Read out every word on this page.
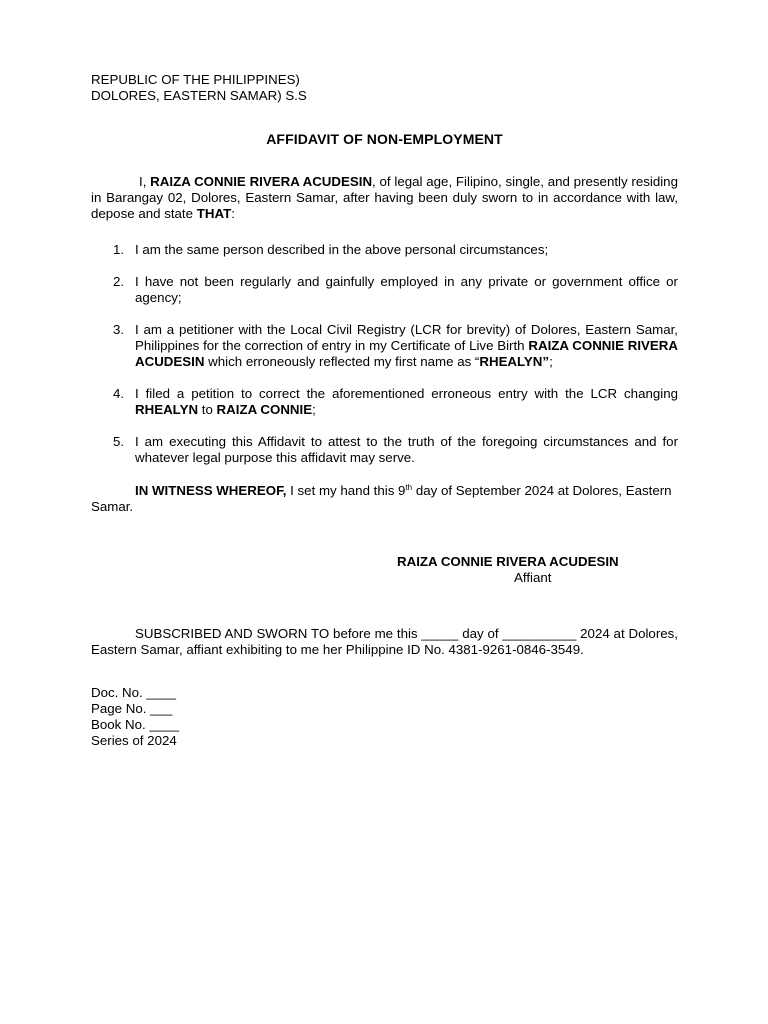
REPUBLIC OF THE PHILIPPINES)
DOLORES, EASTERN SAMAR) S.S
AFFIDAVIT OF NON-EMPLOYMENT

I, RAIZA CONNIE RIVERA ACUDESIN, of legal age, Filipino, single, and presently residing in Barangay 02, Dolores, Eastern Samar, after having been duly sworn to in accordance with law, depose and state THAT:

1. I am the same person described in the above personal circumstances;
2. I have not been regularly and gainfully employed in any private or government office or agency;
3. I am a petitioner with the Local Civil Registry (LCR for brevity) of Dolores, Eastern Samar, Philippines for the correction of entry in my Certificate of Live Birth RAIZA CONNIE RIVERA ACUDESIN which erroneously reflected my first name as “RHEALYN”;
4. I filed a petition to correct the aforementioned erroneous entry with the LCR changing RHEALYN to RAIZA CONNIE;
5. I am executing this Affidavit to attest to the truth of the foregoing circumstances and for whatever legal purpose this affidavit may serve.

IN WITNESS WHEREOF, I set my hand this 9th day of September 2024 at Dolores, Eastern Samar.

RAIZA CONNIE RIVERA ACUDESIN
Affiant

SUBSCRIBED AND SWORN TO before me this _____ day of __________ 2024 at Dolores, Eastern Samar, affiant exhibiting to me her Philippine ID No. 4381-9261-0846-3549.

Doc. No. ____
Page No. ___
Book No. ____
Series of 2024
